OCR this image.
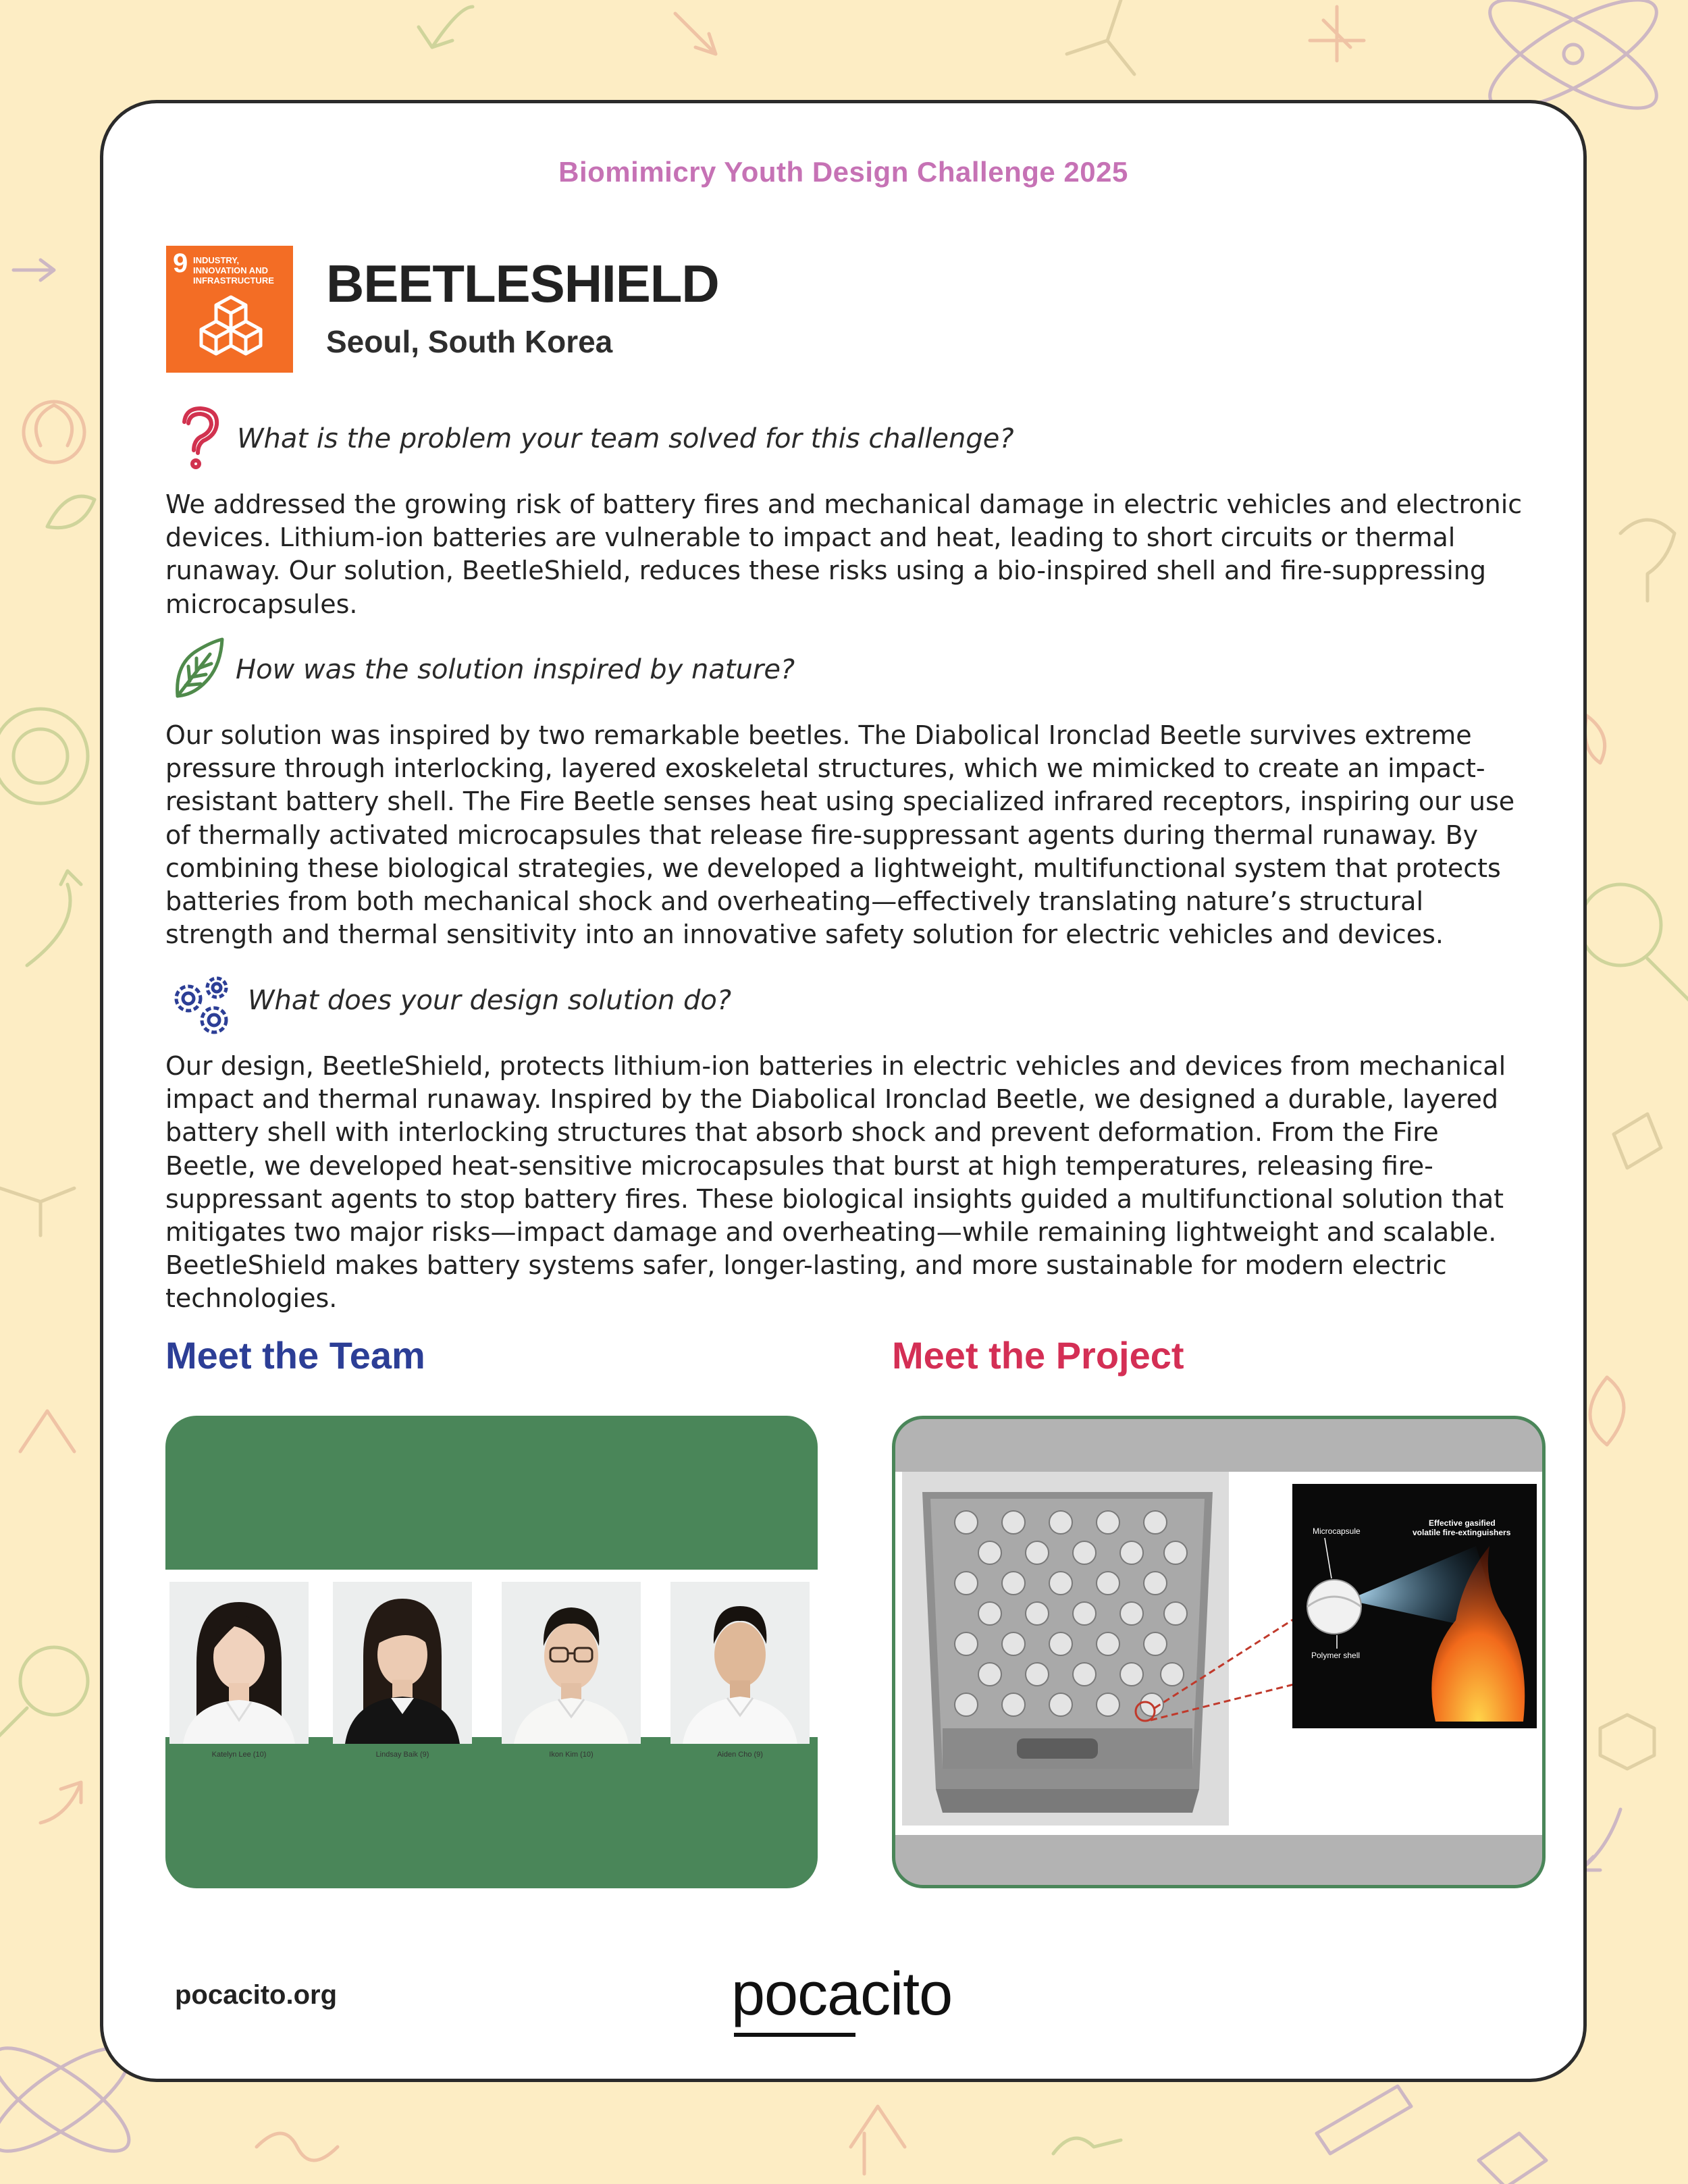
Biomimicry Youth Design Challenge 2025
9 INDUSTRY, INNOVATION AND INFRASTRUCTURE BEETLESHIELD
Seoul, South Korea
What is the problem your team solved for this challenge?

We addressed the growing risk of battery fires and mechanical damage in electric vehicles and electronic devices. Lithium-ion batteries are vulnerable to impact and heat, leading to short circuits or thermal runaway. Our solution, BeetleShield, reduces these risks using a bio-inspired shell and fire-suppressing microcapsules.

How was the solution inspired by nature?

Our solution was inspired by two remarkable beetles. The Diabolical Ironclad Beetle survives extreme pressure through interlocking, layered exoskeletal structures, which we mimicked to create an impact-resistant battery shell. The Fire Beetle senses heat using specialized infrared receptors, inspiring our use of thermally activated microcapsules that release fire-suppressant agents during thermal runaway. By combining these biological strategies, we developed a lightweight, multifunctional system that protects batteries from both mechanical shock and overheating—effectively translating nature’s structural strength and thermal sensitivity into an innovative safety solution for electric vehicles and devices.

What does your design solution do?

Our design, BeetleShield, protects lithium-ion batteries in electric vehicles and devices from mechanical impact and thermal runaway. Inspired by the Diabolical Ironclad Beetle, we designed a durable, layered battery shell with interlocking structures that absorb shock and prevent deformation. From the Fire Beetle, we developed heat-sensitive microcapsules that burst at high temperatures, releasing fire-suppressant agents to stop battery fires. These biological insights guided a multifunctional solution that mitigates two major risks—impact damage and overheating—while remaining lightweight and scalable. BeetleShield makes battery systems safer, longer-lasting, and more sustainable for modern electric technologies.

Meet the Team
Katelyn Lee (10)	Lindsay Baik (9)	Ikon Kim (10)	Aiden Cho (9)
Meet the Project
Microcapsule
Effective gasified
volatile fire-extinguishers
Polymer shell
pocacito.org	pocacito
